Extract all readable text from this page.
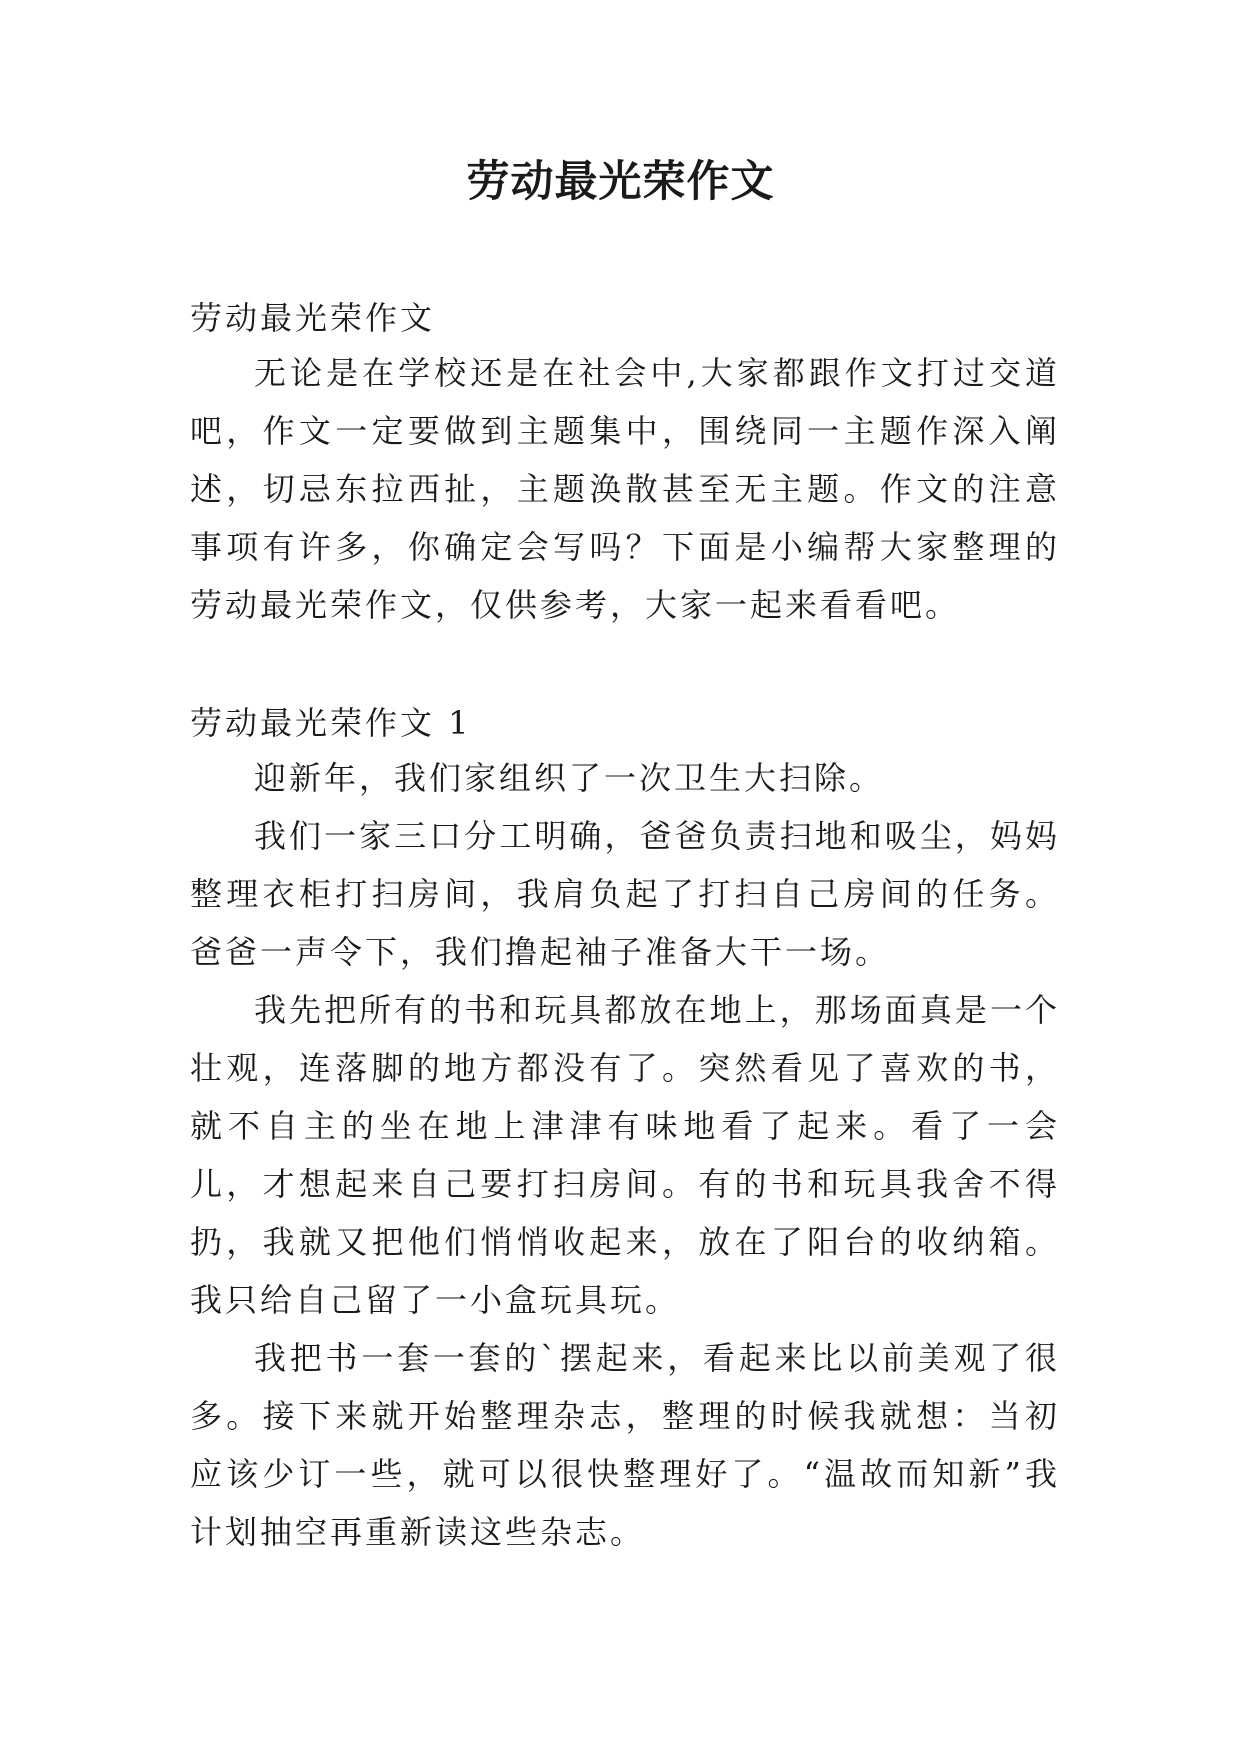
劳动最光荣作文
劳动最光荣作文

无论是在学校还是在社会中,大家都跟作文打过交道吧，作文一定要做到主题集中，围绕同一主题作深入阐述，切忌东拉西扯，主题涣散甚至无主题。作文的注意事项有许多，你确定会写吗？下面是小编帮大家整理的劳动最光荣作文，仅供参考，大家一起来看看吧。

劳动最光荣作文 1

迎新年，我们家组织了一次卫生大扫除。

我们一家三口分工明确，爸爸负责扫地和吸尘，妈妈整理衣柜打扫房间，我肩负起了打扫自己房间的任务。爸爸一声令下，我们撸起袖子准备大干一场。

我先把所有的书和玩具都放在地上，那场面真是一个壮观，连落脚的地方都没有了。突然看见了喜欢的书，就不自主的坐在地上津津有味地看了起来。看了一会儿，才想起来自己要打扫房间。有的书和玩具我舍不得扔，我就又把他们悄悄收起来，放在了阳台的收纳箱。我只给自己留了一小盒玩具玩。

我把书一套一套的`摆起来，看起来比以前美观了很多。接下来就开始整理杂志，整理的时候我就想：当初应该少订一些，就可以很快整理好了。“温故而知新”我计划抽空再重新读这些杂志。
